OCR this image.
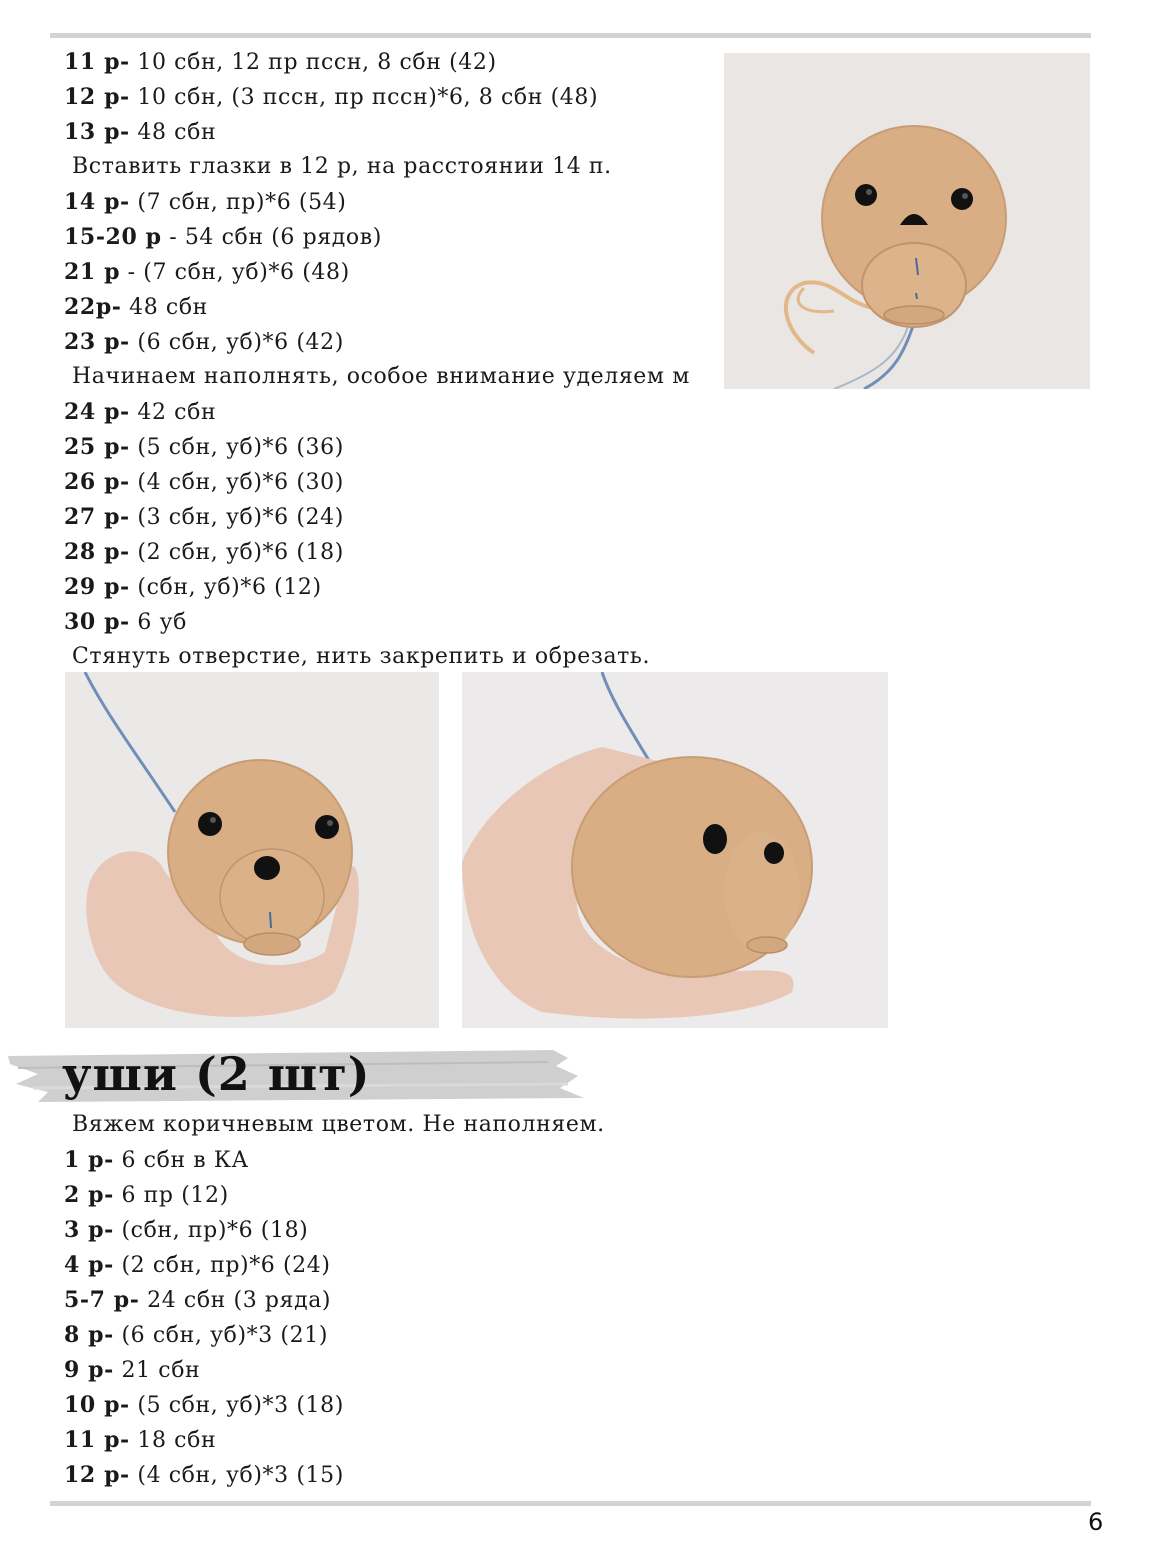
11 р- 10 сбн, 12 пр пссн, 8 сбн (42)
12 р- 10 сбн, (3 пссн, пр пссн)*6, 8 сбн (48)
13 р- 48 сбн
Вставить глазки в 12 р, на расстоянии 14 п.
14 р- (7 сбн, пр)*6 (54)
15-20 р - 54 сбн (6 рядов)
21 р - (7 сбн, уб)*6 (48)
22р- 48 сбн
23 р- (6 сбн, уб)*6 (42)
Начинаем наполнять, особое внимание уделяем м
24 р- 42 сбн
25 р- (5 сбн, уб)*6 (36)
26 р- (4 сбн, уб)*6 (30)
27 р- (3 сбн, уб)*6 (24)
28 р- (2 сбн, уб)*6 (18)
29 р- (сбн, уб)*6 (12)
30 р- 6 уб
Стянуть отверстие, нить закрепить и обрезать.
уши (2 шт)
Вяжем коричневым цветом. Не наполняем.
1 р- 6 сбн в КА
2 р- 6 пр (12)
3 р- (сбн, пр)*6 (18)
4 р- (2 сбн, пр)*6 (24)
5-7 р- 24 сбн (3 ряда)
8 р- (6 сбн, уб)*3 (21)
9 р- 21 сбн
10 р- (5 сбн, уб)*3 (18)
11 р- 18 сбн
12 р- (4 сбн, уб)*3 (15)
6
